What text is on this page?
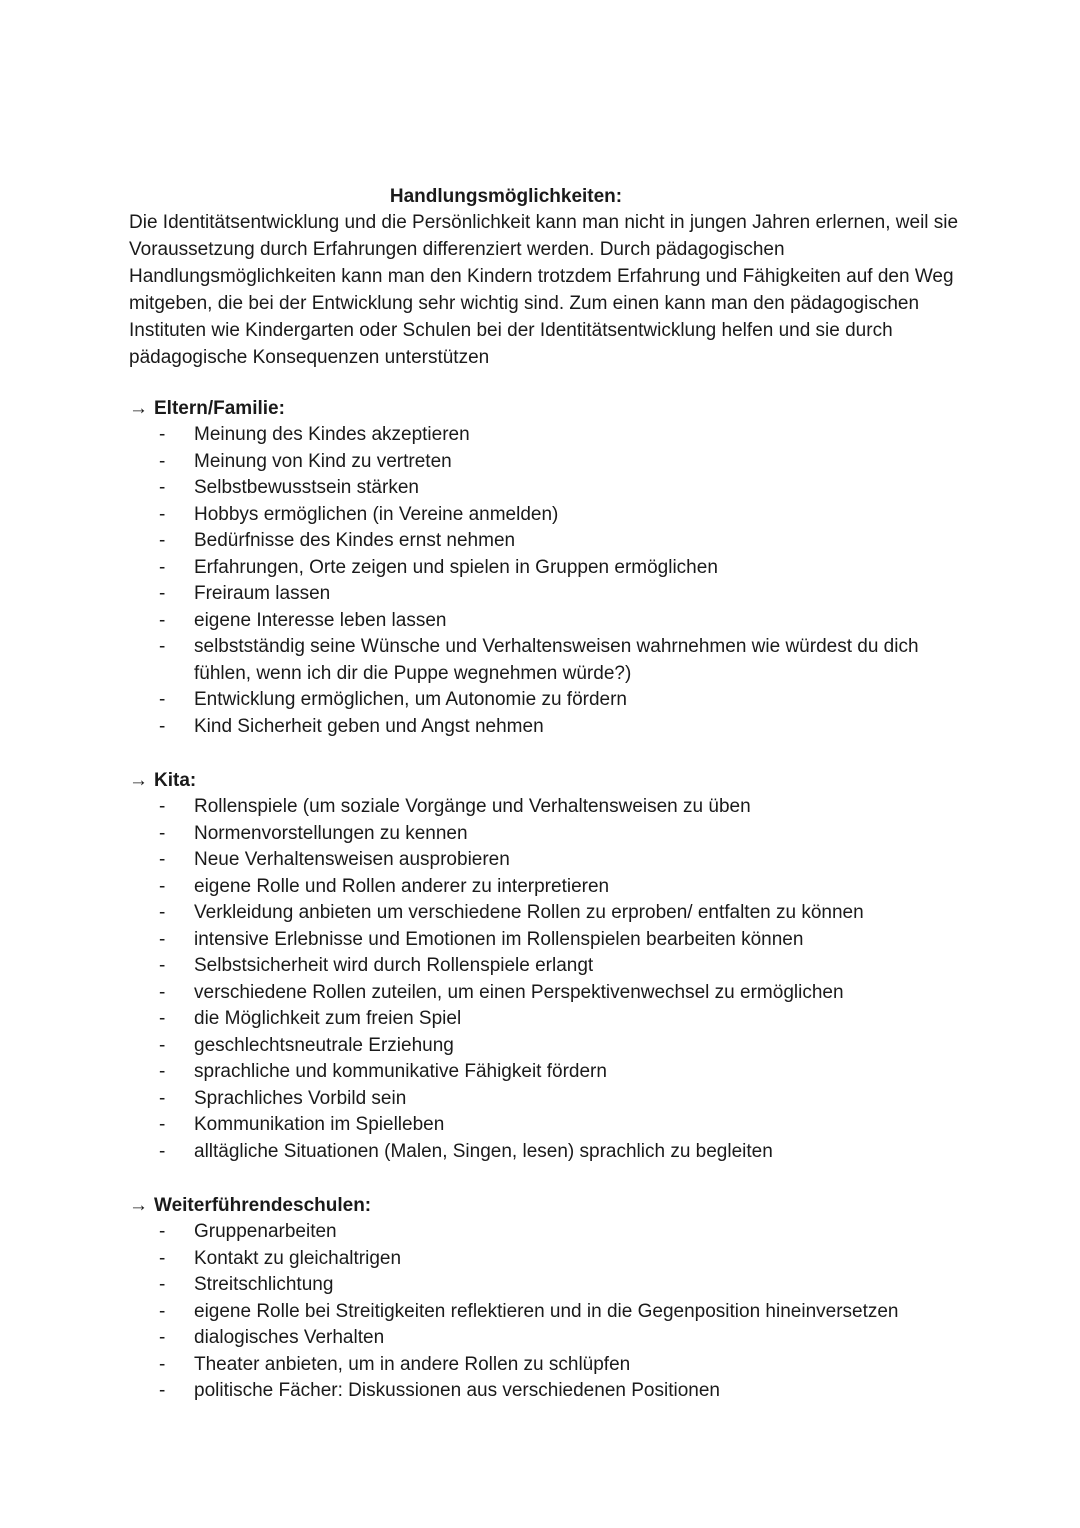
Handlungsmöglichkeiten:

Die Identitätsentwicklung und die Persönlichkeit kann man nicht in jungen Jahren erlernen, weil sie Voraussetzung durch Erfahrungen differenziert werden. Durch pädagogischen Handlungsmöglichkeiten kann man den Kindern trotzdem Erfahrung und Fähigkeiten auf den Weg mitgeben, die bei der Entwicklung sehr wichtig sind. Zum einen kann man den pädagogischen Instituten wie Kindergarten oder Schulen bei der Identitätsentwicklung helfen und sie durch pädagogische Konsequenzen unterstützen

→ Eltern/Familie:
- Meinung des Kindes akzeptieren
- Meinung von Kind zu vertreten
- Selbstbewusstsein stärken
- Hobbys ermöglichen (in Vereine anmelden)
- Bedürfnisse des Kindes ernst nehmen
- Erfahrungen, Orte zeigen und spielen in Gruppen ermöglichen
- Freiraum lassen
- eigene Interesse leben lassen
- selbstständig seine Wünsche und Verhaltensweisen wahrnehmen wie würdest du dich fühlen, wenn ich dir die Puppe wegnehmen würde?)
- Entwicklung ermöglichen, um Autonomie zu fördern
- Kind Sicherheit geben und Angst nehmen
→ Kita:
- Rollenspiele (um soziale Vorgänge und Verhaltensweisen zu üben
- Normenvorstellungen zu kennen
- Neue Verhaltensweisen ausprobieren
- eigene Rolle und Rollen anderer zu interpretieren
- Verkleidung anbieten um verschiedene Rollen zu erproben/ entfalten zu können
- intensive Erlebnisse und Emotionen im Rollenspielen bearbeiten können
- Selbstsicherheit wird durch Rollenspiele erlangt
- verschiedene Rollen zuteilen, um einen Perspektivenwechsel zu ermöglichen
- die Möglichkeit zum freien Spiel
- geschlechtsneutrale Erziehung
- sprachliche und kommunikative Fähigkeit fördern
- Sprachliches Vorbild sein
- Kommunikation im Spielleben
- alltägliche Situationen (Malen, Singen, lesen) sprachlich zu begleiten
→ Weiterführendeschulen:
- Gruppenarbeiten
- Kontakt zu gleichaltrigen
- Streitschlichtung
- eigene Rolle bei Streitigkeiten reflektieren und in die Gegenposition hineinversetzen
- dialogisches Verhalten
- Theater anbieten, um in andere Rollen zu schlüpfen
- politische Fächer: Diskussionen aus verschiedenen Positionen
